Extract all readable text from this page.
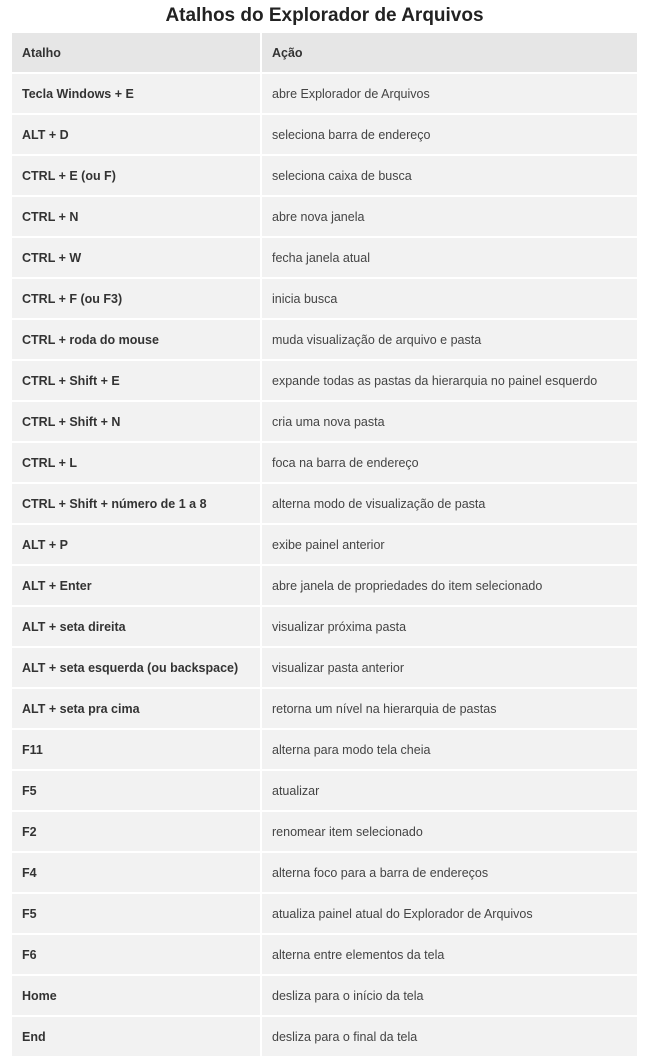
Atalhos do Explorador de Arquivos
Atalho	Ação
Tecla Windows + E	abre Explorador de Arquivos
ALT + D	seleciona barra de endereço
CTRL + E (ou F)	seleciona caixa de busca
CTRL + N	abre nova janela
CTRL + W	fecha janela atual
CTRL + F (ou F3)	inicia busca
CTRL + roda do mouse	muda visualização de arquivo e pasta
CTRL + Shift + E	expande todas as pastas da hierarquia no painel esquerdo
CTRL + Shift + N	cria uma nova pasta
CTRL + L	foca na barra de endereço
CTRL + Shift + número de 1 a 8	alterna modo de visualização de pasta
ALT + P	exibe painel anterior
ALT + Enter	abre janela de propriedades do item selecionado
ALT + seta direita	visualizar próxima pasta
ALT + seta esquerda (ou backspace)	visualizar pasta anterior
ALT + seta pra cima	retorna um nível na hierarquia de pastas
F11	alterna para modo tela cheia
F5	atualizar
F2	renomear item selecionado
F4	alterna foco para a barra de endereços
F5	atualiza painel atual do Explorador de Arquivos
F6	alterna entre elementos da tela
Home	desliza para o início da tela
End	desliza para o final da tela
